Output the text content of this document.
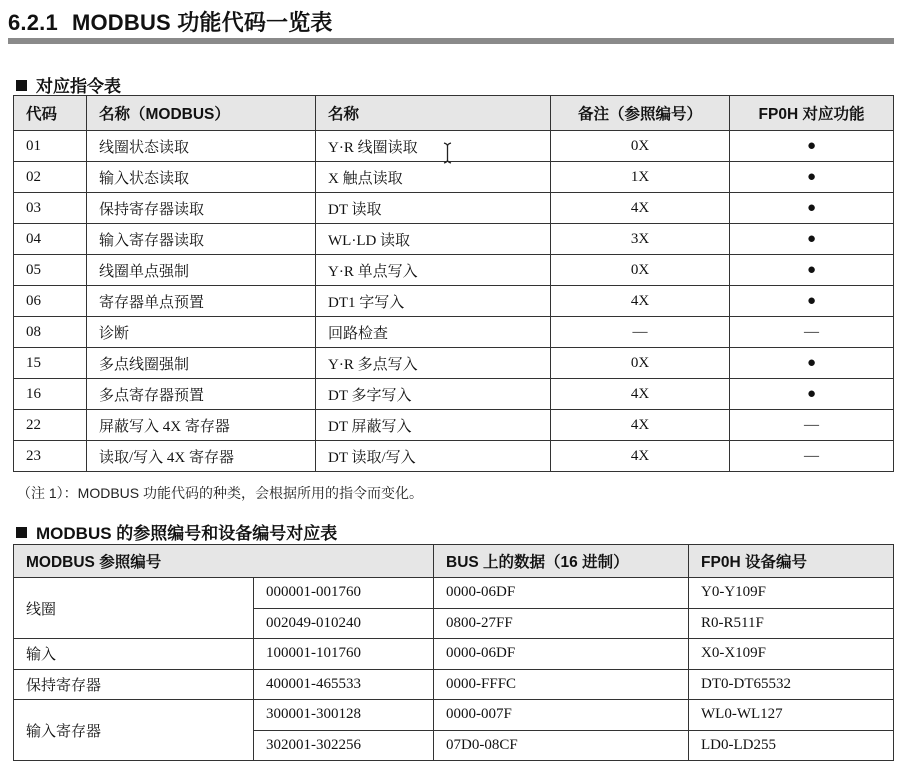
6.2.1 MODBUS 功能代码一览表
对应指令表
代码	名称（MODBUS）	名称	备注（参照编号）	FP0H 对应功能
01	线圈状态读取	Y·R 线圈读取	0X	●
02	输入状态读取	X 触点读取	1X	●
03	保持寄存器读取	DT 读取	4X	●
04	输入寄存器读取	WL·LD 读取	3X	●
05	线圈单点强制	Y·R 单点写入	0X	●
06	寄存器单点预置	DT1 字写入	4X	●
08	诊断	回路检查	—	—
15	多点线圈强制	Y·R 多点写入	0X	●
16	多点寄存器预置	DT 多字写入	4X	●
22	屏蔽写入 4X 寄存器	DT 屏蔽写入	4X	—
23	读取/写入 4X 寄存器	DT 读取/写入	4X	—
（注 1）：MODBUS 功能代码的种类，会根据所用的指令而变化。
MODBUS 的参照编号和设备编号对应表
MODBUS 参照编号		BUS 上的数据（16 进制）	FP0H 设备编号
线圈	000001-001760	0000-06DF	Y0-Y109F
	002049-010240	0800-27FF	R0-R511F
输入	100001-101760	0000-06DF	X0-X109F
保持寄存器	400001-465533	0000-FFFC	DT0-DT65532
输入寄存器	300001-300128	0000-007F	WL0-WL127
	302001-302256	07D0-08CF	LD0-LD255
